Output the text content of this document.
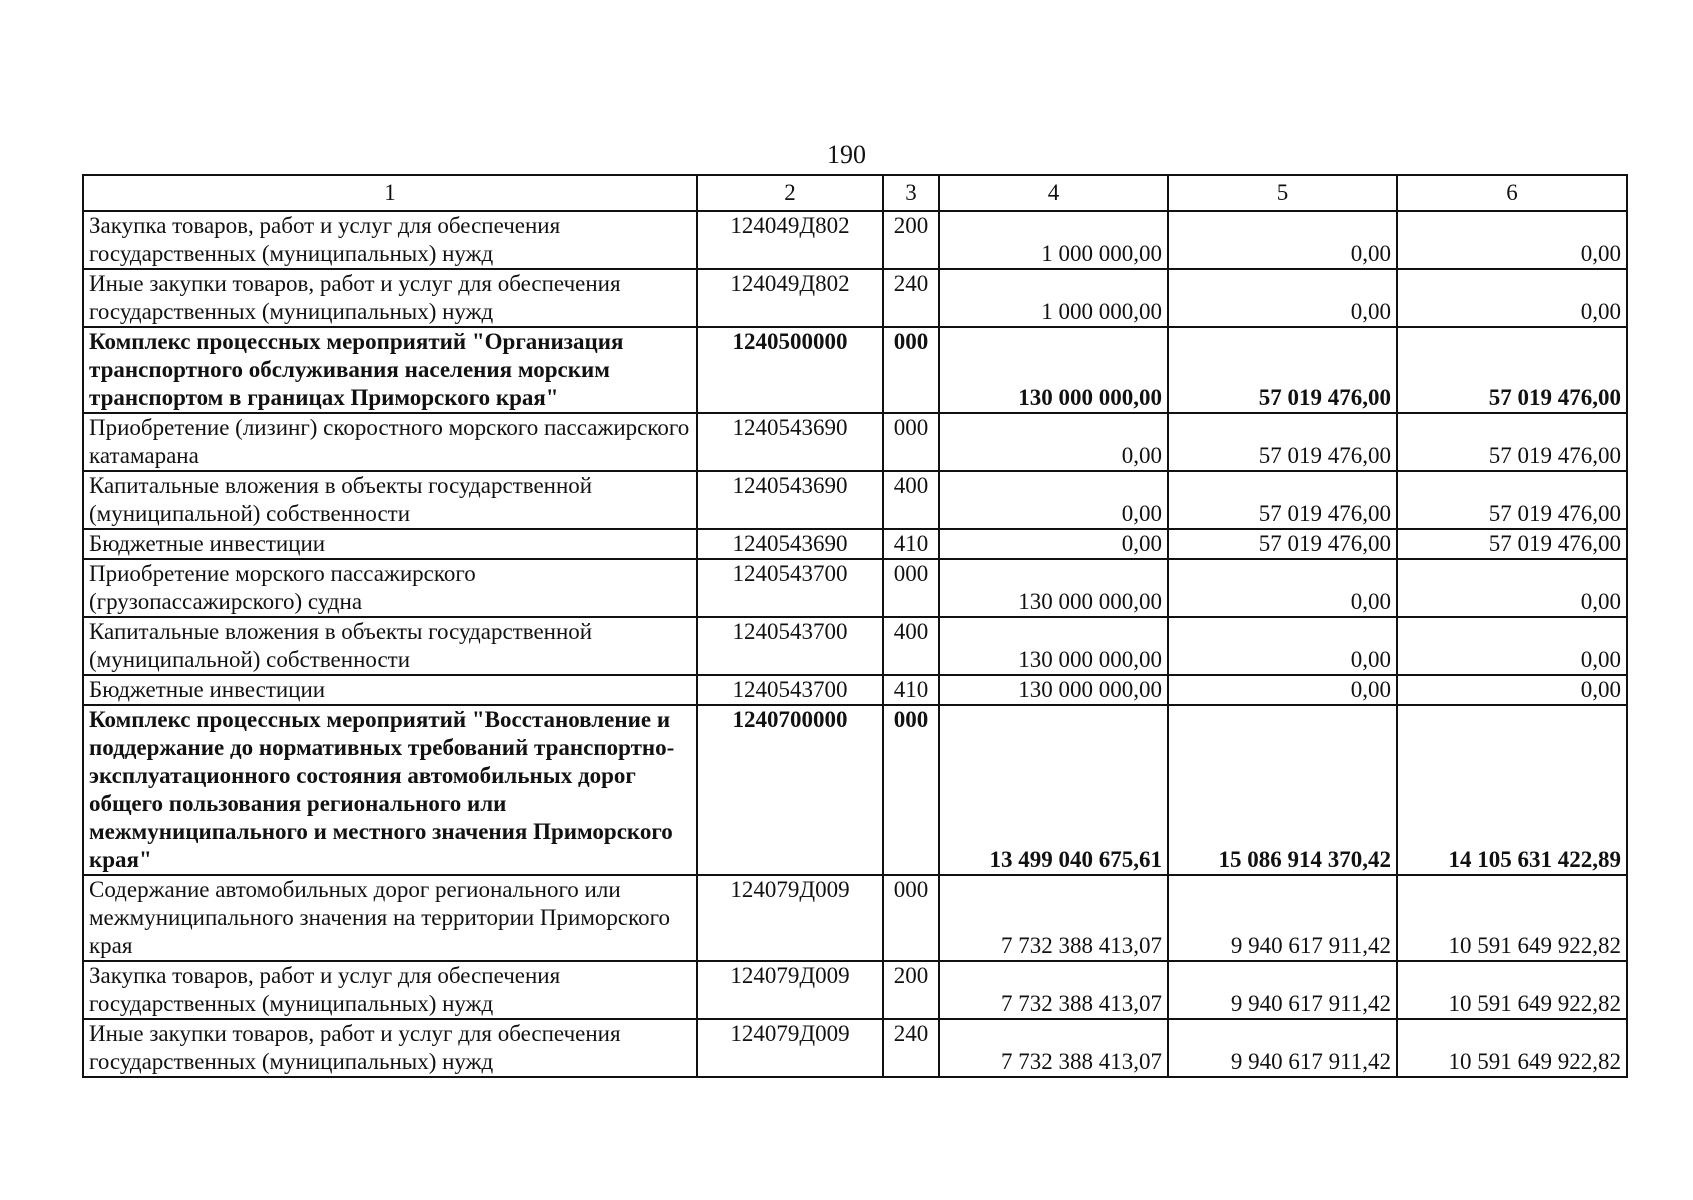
190
1	2	3	4	5	6
Закупка товаров, работ и услуг для обеспечения государственных (муниципальных) нужд	124049Д802	200	1 000 000,00	0,00	0,00
Иные закупки товаров, работ и услуг для обеспечения государственных (муниципальных) нужд	124049Д802	240	1 000 000,00	0,00	0,00
Комплекс процессных мероприятий "Организация транспортного обслуживания населения морским транспортом в границах Приморского края"	1240500000	000	130 000 000,00	57 019 476,00	57 019 476,00
Приобретение (лизинг) скоростного морского пассажирского катамарана	1240543690	000	0,00	57 019 476,00	57 019 476,00
Капитальные вложения в объекты государственной (муниципальной) собственности	1240543690	400	0,00	57 019 476,00	57 019 476,00
Бюджетные инвестиции	1240543690	410	0,00	57 019 476,00	57 019 476,00
Приобретение морского пассажирского (грузопассажирского) судна	1240543700	000	130 000 000,00	0,00	0,00
Капитальные вложения в объекты государственной (муниципальной) собственности	1240543700	400	130 000 000,00	0,00	0,00
Бюджетные инвестиции	1240543700	410	130 000 000,00	0,00	0,00
Комплекс процессных мероприятий "Восстановление и поддержание до нормативных требований транспортно-эксплуатационного состояния автомобильных дорог общего пользования регионального или межмуниципального и местного значения Приморского края"	1240700000	000	13 499 040 675,61	15 086 914 370,42	14 105 631 422,89
Содержание автомобильных дорог регионального или межмуниципального значения на территории Приморского края	124079Д009	000	7 732 388 413,07	9 940 617 911,42	10 591 649 922,82
Закупка товаров, работ и услуг для обеспечения государственных (муниципальных) нужд	124079Д009	200	7 732 388 413,07	9 940 617 911,42	10 591 649 922,82
Иные закупки товаров, работ и услуг для обеспечения государственных (муниципальных) нужд	124079Д009	240	7 732 388 413,07	9 940 617 911,42	10 591 649 922,82
